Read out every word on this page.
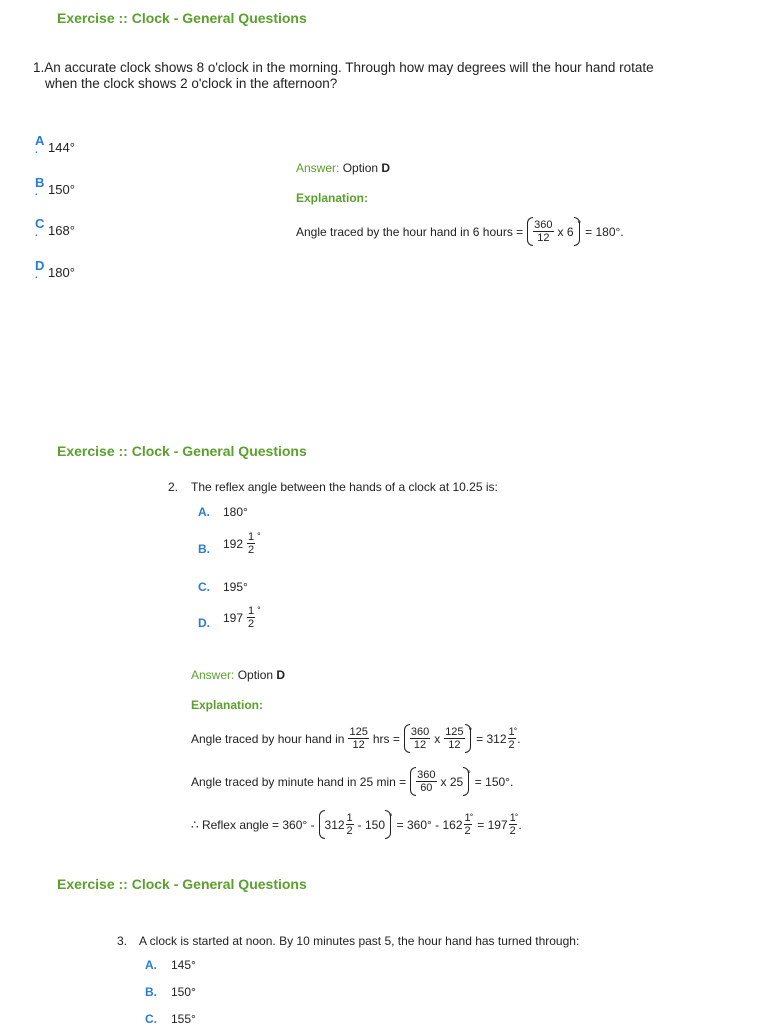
Exercise :: Clock - General Questions
1.An accurate clock shows 8 o'clock in the morning. Through how may degrees will the hour hand rotate
when the clock shows 2 o'clock in the afternoon?
A
. 144°
B
. 150°
C
. 168°
D
. 180°
Answer: Option D
Explanation:
Angle traced by the hour hand in 6 hours = $\frac{360}{12}$ x 6
°
= 180°.
Exercise :: Clock - General Questions
2. The reflex angle between the hands of a clock at 10.25 is:
A. 180°
B. $192 \frac{1}{2}$ °
C. 195°
D. $197 \frac{1}{2}$ °
Answer: Option D
Explanation:
Angle traced by hour hand in $\frac{125}{12}$ hrs = $\frac{360}{12}$ x $\frac{125}{12}$ °
= $312 \frac{1}{2}$
°
.
Angle traced by minute hand in 25 $\min = \frac{360}{60}$ x 25
°
= 150°.
∴ Reflex angle = $360^\circ - 312 \frac{1}{2} - 150$
°
= $360^\circ - 162 \frac{1}{2}$
°
= $197 \frac{1}{2}$
°
.
Exercise :: Clock - General Questions
3. A clock is started at noon. By 10 minutes past 5, the hour hand has turned through:
A. 145°
B. 150°
C. 155°
